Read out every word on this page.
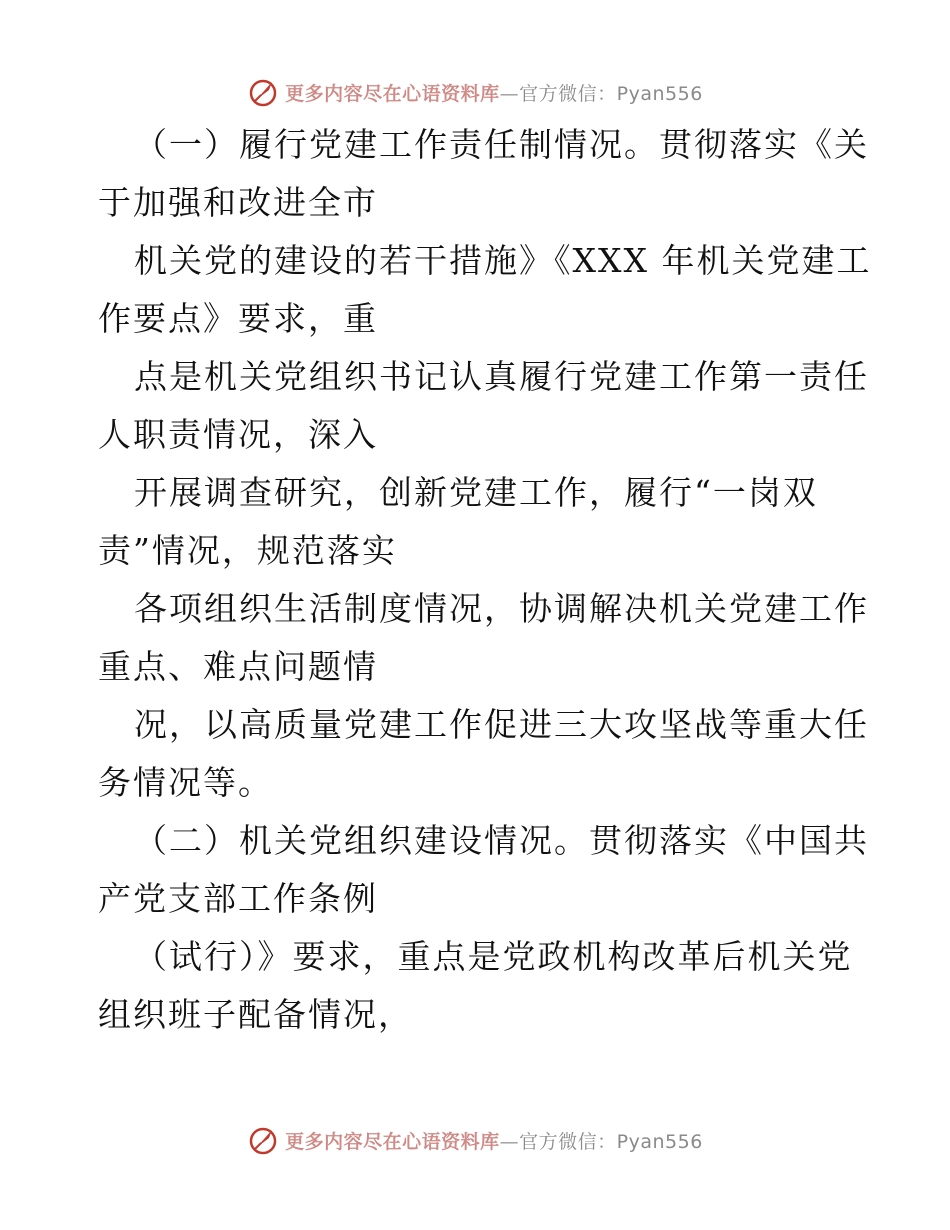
更多内容尽在心语资料库—官方微信：Pyan556
（一）履行党建工作责任制情况。贯彻落实《关
于加强和改进全市
机关党的建设的若干措施》《XXX 年机关党建工
作要点》要求，重
点是机关党组织书记认真履行党建工作第一责任
人职责情况，深入
开展调查研究，创新党建工作，履行“一岗双
责”情况，规范落实
各项组织生活制度情况，协调解决机关党建工作
重点、难点问题情
况，以高质量党建工作促进三大攻坚战等重大任
务情况等。
（二）机关党组织建设情况。贯彻落实《中国共
产党支部工作条例
（试行）》要求，重点是党政机构改革后机关党
组织班子配备情况，
更多内容尽在心语资料库—官方微信：Pyan556
